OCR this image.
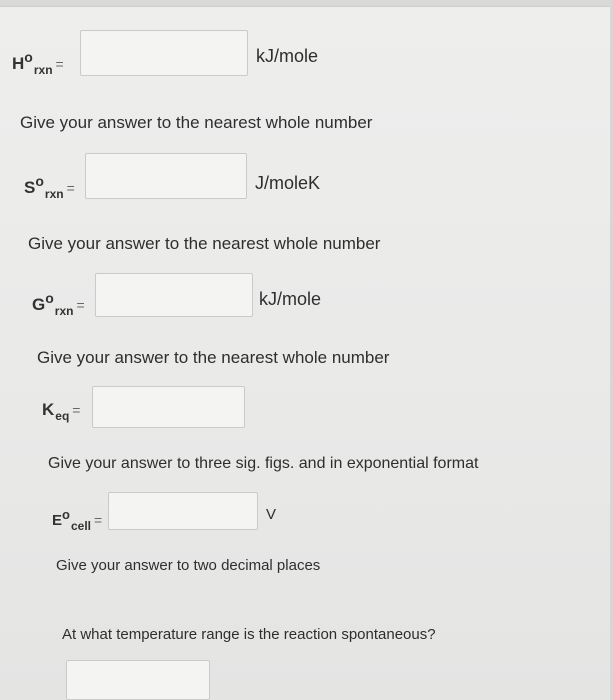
$H^o_{rxn}$ =	kJ/mole
Give your answer to the nearest whole number
$S^o_{rxn}$ =	J/moleK
Give your answer to the nearest whole number
$G^o_{rxn}$ =	kJ/mole
Give your answer to the nearest whole number
$K_{eq}$ =
Give your answer to three sig. figs. and in exponential format
$Eo_{cell}$ =	V
Give your answer to two decimal places
At what temperature range is the reaction spontaneous?
